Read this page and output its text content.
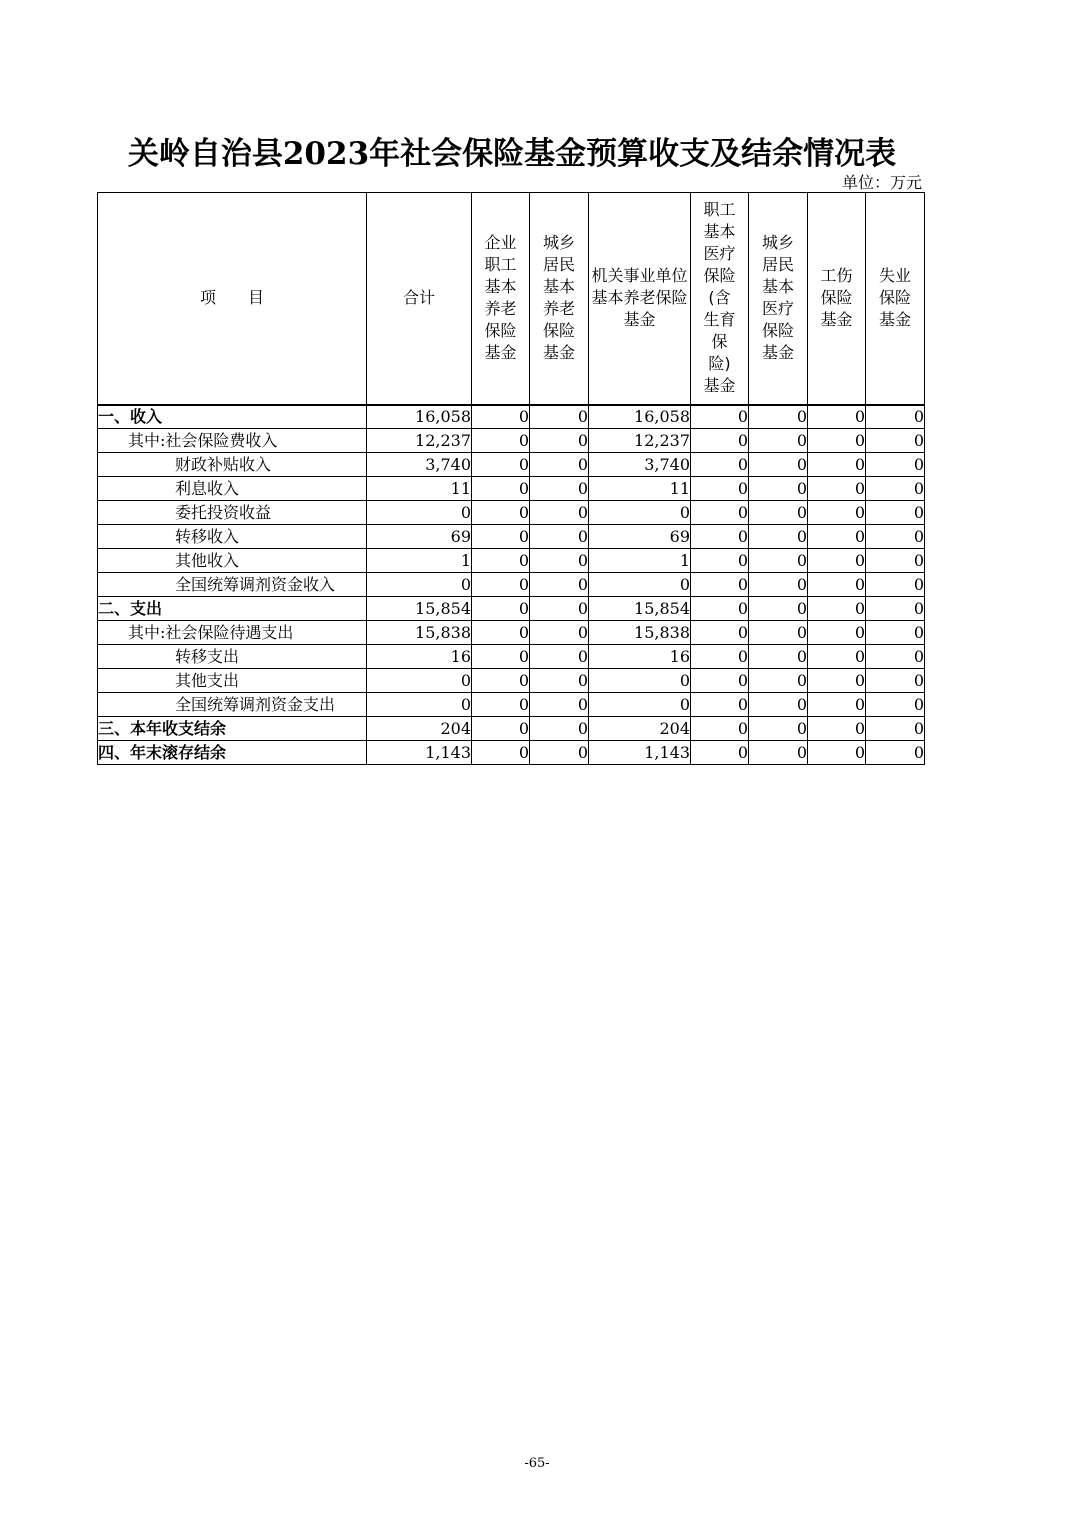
关岭自治县2023年社会保险基金预算收支及结余情况表
单位：万元
项　　目	合计	企业职工基本养老保险基金	城乡居民基本养老保险基金	机关事业单位基本养老保险基金	职工基本医疗保险(含生育保险)基金	城乡居民基本医疗保险基金	工伤保险基金	失业保险基金
一、收入	16,058	0	0	16,058	0	0	0	0
其中:社会保险费收入	12,237	0	0	12,237	0	0	0	0
财政补贴收入	3,740	0	0	3,740	0	0	0	0
利息收入	11	0	0	11	0	0	0	0
委托投资收益	0	0	0	0	0	0	0	0
转移收入	69	0	0	69	0	0	0	0
其他收入	1	0	0	1	0	0	0	0
全国统筹调剂资金收入	0	0	0	0	0	0	0	0
二、支出	15,854	0	0	15,854	0	0	0	0
其中:社会保险待遇支出	15,838	0	0	15,838	0	0	0	0
转移支出	16	0	0	16	0	0	0	0
其他支出	0	0	0	0	0	0	0	0
全国统筹调剂资金支出	0	0	0	0	0	0	0	0
三、本年收支结余	204	0	0	204	0	0	0	0
四、年末滚存结余	1,143	0	0	1,143	0	0	0	0
-65-
